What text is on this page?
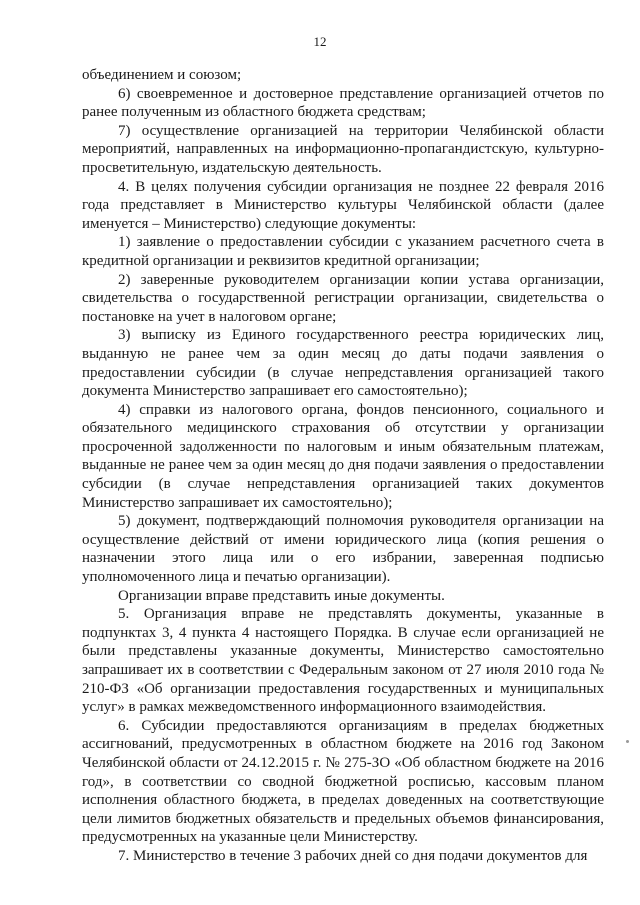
12

объединением и союзом;

6) своевременное и достоверное представление организацией отчетов по ранее полученным из областного бюджета средствам;

7) осуществление организацией на территории Челябинской области мероприятий, направленных на информационно-пропагандистскую, культурно-просветительную, издательскую деятельность.

4. В целях получения субсидии организация не позднее 22 февраля 2016 года представляет в Министерство культуры Челябинской области (далее именуется – Министерство) следующие документы:

1) заявление о предоставлении субсидии с указанием расчетного счета в кредитной организации и реквизитов кредитной организации;

2) заверенные руководителем организации копии устава организации, свидетельства о государственной регистрации организации, свидетельства о постановке на учет в налоговом органе;

3) выписку из Единого государственного реестра юридических лиц, выданную не ранее чем за один месяц до даты подачи заявления о предоставлении субсидии (в случае непредставления организацией такого документа Министерство запрашивает его самостоятельно);

4) справки из налогового органа, фондов пенсионного, социального и обязательного медицинского страхования об отсутствии у организации просроченной задолженности по налоговым и иным обязательным платежам, выданные не ранее чем за один месяц до дня подачи заявления о предоставлении субсидии (в случае непредставления организацией таких документов Министерство запрашивает их самостоятельно);

5) документ, подтверждающий полномочия руководителя организации на осуществление действий от имени юридического лица (копия решения о назначении этого лица или о его избрании, заверенная подписью уполномоченного лица и печатью организации).

Организации вправе представить иные документы.

5. Организация вправе не представлять документы, указанные в подпунктах 3, 4 пункта 4 настоящего Порядка. В случае если организацией не были представлены указанные документы, Министерство самостоятельно запрашивает их в соответствии с Федеральным законом от 27 июля 2010 года № 210-ФЗ «Об организации предоставления государственных и муниципальных услуг» в рамках межведомственного информационного взаимодействия.

6. Субсидии предоставляются организациям в пределах бюджетных ассигнований, предусмотренных в областном бюджете на 2016 год Законом Челябинской области от 24.12.2015 г. № 275-ЗО «Об областном бюджете на 2016 год», в соответствии со сводной бюджетной росписью, кассовым планом исполнения областного бюджета, в пределах доведенных на соответствующие цели лимитов бюджетных обязательств и предельных объемов финансирования, предусмотренных на указанные цели Министерству.

7. Министерство в течение 3 рабочих дней со дня подачи документов для
